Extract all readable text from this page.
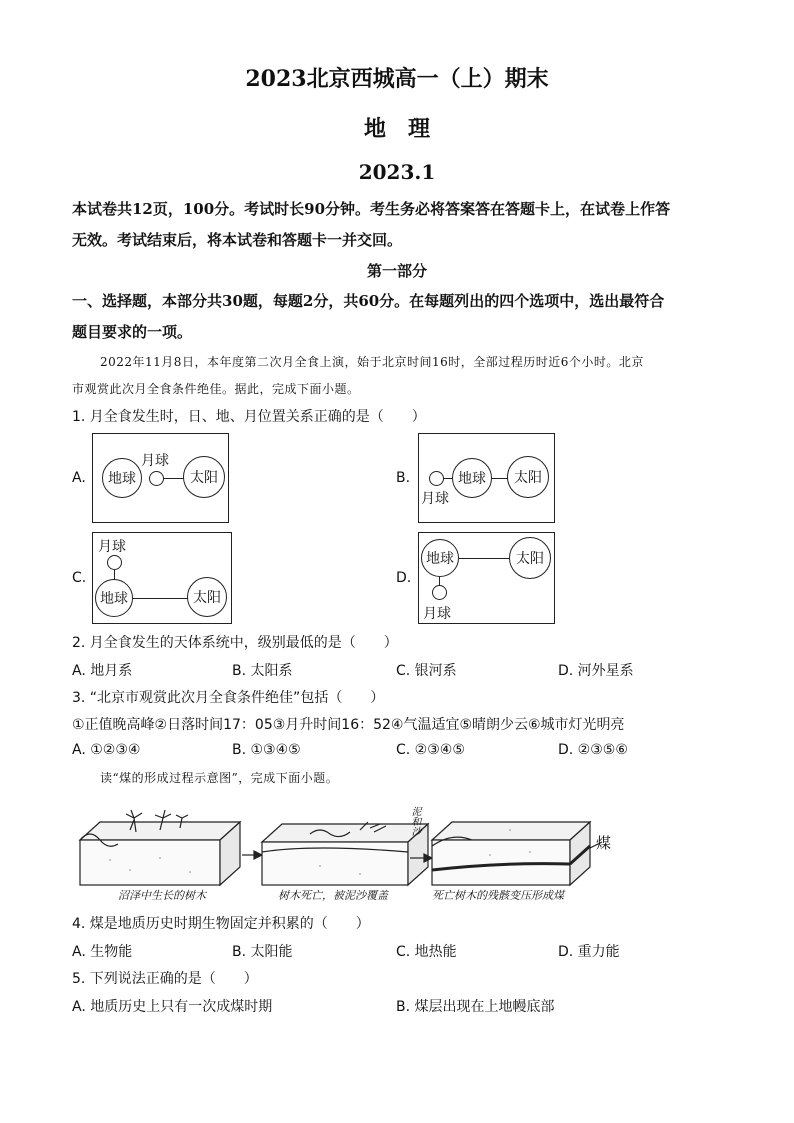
2023北京西城高一（上）期末
地　理
2023.1
本试卷共12页，100分。考试时长90分钟。考生务必将答案答在答题卡上，在试卷上作答
无效。考试结束后，将本试卷和答题卡一并交回。
第一部分
一、选择题，本部分共30题，每题2分，共60分。在每题列出的四个选项中，选出最符合
题目要求的一项。
2022年11月8日，本年度第二次月全食上演，始于北京时间16时，全部过程历时近6个小时。北京
市观赏此次月全食条件绝佳。据此，完成下面小题。
1. 月全食发生时，日、地、月位置关系正确的是（　　）
A. 地球
月球
太阳	B.
月球
地球 太阳
C.
月球
地球	太阳
D.
地球	太阳
月球
2. 月全食发生的天体系统中，级别最低的是（　　）
A. 地月系	B. 太阳系	C. 银河系	D. 河外星系
3. “北京市观赏此次月全食条件绝佳”包括（　　）
①正值晚高峰②日落时间17：05③月升时间16：52④气温适宜⑤晴朗少云⑥城市灯光明亮
A. ①②③④	B. ①③④⑤	C. ②③④⑤	D. ②③⑤⑥
读“煤的形成过程示意图”，完成下面小题。
沼泽中生长的树木	树木死亡，被泥沙覆盖	死亡树木的残骸变压形成煤
泥和沙
煤
4. 煤是地质历史时期生物固定并积累的（　　）
A. 生物能	B. 太阳能	C. 地热能	D. 重力能
5. 下列说法正确的是（　　）
A. 地质历史上只有一次成煤时期	B. 煤层出现在上地幔底部
